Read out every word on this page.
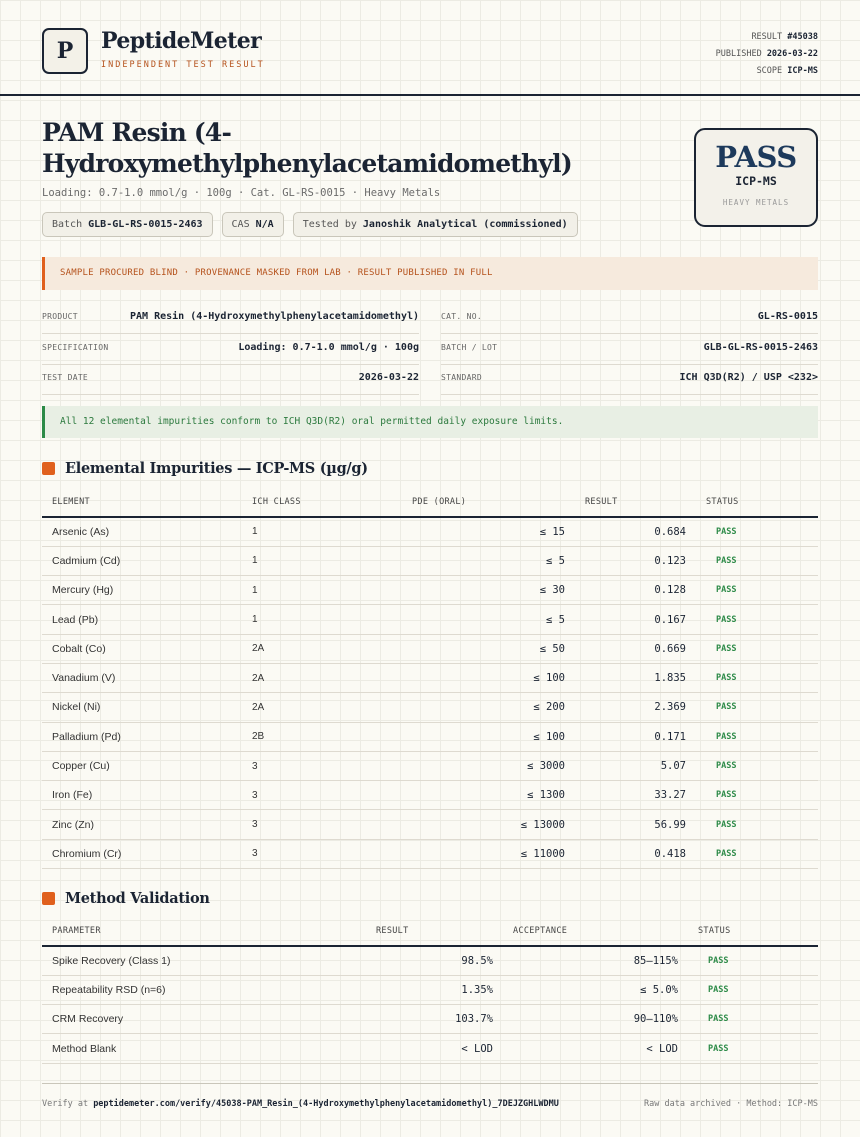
P	PeptideMeter
INDEPENDENT TEST RESULT
RESULT #45038
PUBLISHED 2026-03-22
SCOPE ICP-MS
PAM Resin (4-Hydroxymethylphenylacetamidomethyl)
Loading: 0.7-1.0 mmol/g · 100g · Cat. GL-RS-0015 · Heavy Metals
Batch GLB-GL-RS-0015-2463	CAS N/A	Tested by Janoshik Analytical (commissioned)
PASS
ICP-MS
HEAVY METALS
SAMPLE PROCURED BLIND · PROVENANCE MASKED FROM LAB · RESULT PUBLISHED IN FULL
PRODUCT	PAM Resin (4-Hydroxymethylphenylacetamidomethyl)
SPECIFICATION	Loading: 0.7-1.0 mmol/g · 100g
TEST DATE	2026-03-22
CAT. NO.	GL-RS-0015
BATCH / LOT	GLB-GL-RS-0015-2463
STANDARD	ICH Q3D(R2) / USP <232>
All 12 elemental impurities conform to ICH Q3D(R2) oral permitted daily exposure limits.
Elemental Impurities — ICP-MS (µg/g)
ELEMENT	ICH CLASS	PDE (ORAL)	RESULT	STATUS
Arsenic (As)	1	≤ 15	0.684	PASS
Cadmium (Cd)	1	≤ 5	0.123	PASS
Mercury (Hg)	1	≤ 30	0.128	PASS
Lead (Pb)	1	≤ 5	0.167	PASS
Cobalt (Co)	2A	≤ 50	0.669	PASS
Vanadium (V)	2A	≤ 100	1.835	PASS
Nickel (Ni)	2A	≤ 200	2.369	PASS
Palladium (Pd)	2B	≤ 100	0.171	PASS
Copper (Cu)	3	≤ 3000	5.07	PASS
Iron (Fe)	3	≤ 1300	33.27	PASS
Zinc (Zn)	3	≤ 13000	56.99	PASS
Chromium (Cr)	3	≤ 11000	0.418	PASS
Method Validation
PARAMETER	RESULT	ACCEPTANCE	STATUS
Spike Recovery (Class 1)	98.5%	85–115%	PASS
Repeatability RSD (n=6)	1.35%	≤ 5.0%	PASS
CRM Recovery	103.7%	90–110%	PASS
Method Blank	< LOD	< LOD	PASS
Verify at peptidemeter.com/verify/45038-PAM_Resin_(4-Hydroxymethylphenylacetamidomethyl)_7DEJZGHLWDMU	Raw data archived · Method: ICP-MS
